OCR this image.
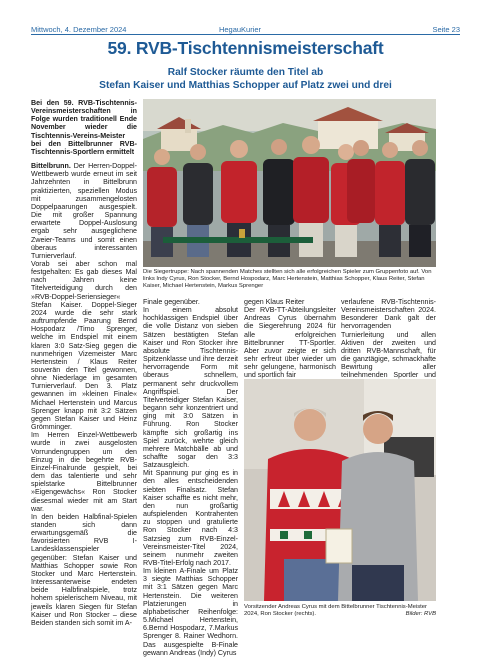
Mittwoch, 4. Dezember 2024	HegauKurier	Seite 23
59. RVB-Tischtennismeisterschaft
Ralf Stocker räumte den Titel ab
Stefan Kaiser und Matthias Schopper auf Platz zwei und drei

Bei den 59. RVB-Tischtennis-Vereinsmeisterschaften in Folge wurden traditionell Ende November wieder die Tischtennis-Vereins-Meister bei den Bittelbrunner RVB-Tischtennis-Sportlern ermittelt

Bittelbrunn. Der Herren-Doppel-Wettbewerb wurde erneut im seit Jahrzehnten in Bittelbrunn praktizierten, speziellen Modus mit zusammengelosten Doppelpaarungen ausgespielt. Die mit großer Spannung erwartete Doppel-Auslosung ergab sehr ausgeglichene Zweier-Teams und somit einen überaus interessanten Turnierverlauf.

Vorab sei aber schon mal festgehalten: Es gab dieses Mal nach Jahren keine Titelverteidigung durch den »RVB-Doppel-Seriensieger« Stefan Kaiser. Doppel-Sieger 2024 wurde die sehr stark auftrumpfende Paarung Bernd Hospodarz /Timo Sprenger, welche im Endspiel mit einem klaren 3:0 Satz-Sieg gegen die nunmehrigen Vizemeister Marc Hertenstein / Klaus Reiter souverän den Titel gewonnen, ohne Niederlage im gesamten Turnierverlauf. Den 3. Platz gewannen im »kleinen Finale« Michael Hertenstein und Marcus Sprenger knapp mit 3:2 Sätzen gegen Stefan Kaiser und Heinz Grömminger.

Im Herren Einzel-Wettbewerb wurde in zwei ausgelosten Vorrundengruppen um den Einzug in die begehrte RVB-Einzel-Finalrunde gespielt, bei dem das talentierte und sehr spielstarke Bittelbrunner »Eigengewächs« Ron Stocker diesesmal wieder mit am Start war.

In den beiden Halbfinal-Spielen standen sich dann erwartungsgemäß die favorisierten RVB I-Landesklassenspieler gegenüber: Stefan Kaiser und Matthias Schopper sowie Ron Stocker und Marc Hertenstein. Interessanterweise endeten beide Halbfinalspiele, trotz hohem spielerischem Niveau, mit jeweils klaren Siegen für Stefan Kaiser und Ron Stocker – diese Beiden standen sich somit im A-

Die Siegertruppe: Nach spannenden Matches stellten sich alle erfolgreichen Spieler zum Gruppenfoto auf. Von links Indy Cyrus, Ron Stocker, Bernd Hospodarz, Marc Hertenstein, Matthias Schopper, Klaus Reiter, Stefan Kaiser, Michael Hertenstein, Markus Sprenger

Finale gegenüber.

In einem absolut hochklassigen Endspiel über die volle Distanz von sieben Sätzen bestätigten Stefan Kaiser und Ron Stocker ihre absolute Tischtennis-Spitzenklasse und ihre derzeit hervorragende Form mit überaus schnellem, permanent sehr druckvollem Angriffspiel. Der Titelverteidiger Stefan Kaiser, begann sehr konzentriert und ging mit 3:0 Sätzen in Führung. Ron Stocker kämpfte sich großartig ins Spiel zurück, wehrte gleich mehrere Matchbälle ab und schaffte sogar den 3:3 Satzausgleich.

Mit Spannung pur ging es in den alles entscheidenden siebten Finalsatz. Stefan Kaiser schaffte es nicht mehr, den nun großartig aufspielenden Kontrahenten zu stoppen und gratulierte Ron Stocker nach 4:3 Satzsieg zum RVB-Einzel-Vereinsmeister-Titel 2024, seinem nunmehr zweiten RVB-Titel-Erfolg nach 2017.

Im kleinen A-Finale um Platz 3 siegte Matthias Schopper mit 3:1 Sätzen gegen Marc Hertenstein. Die weiteren Platzierungen in alphabetischer Reihenfolge: 5.Michael Hertenstein, 6.Bernd Hospodarz, 7.Markus Sprenger 8. Rainer Wedhorn. Das ausgespielte B-Finale gewann Andreas (Indy) Cyrus

gegen Klaus Reiter

Der RVB-TT-Abteilungsleiter Andreas Cyrus übernahm die Siegerehrung 2024 für alle erfolgreichen Bittelbrunner TT-Sportler. Aber zuvor zeigte er sich sehr erfreut über wieder um sehr gelungene, harmonisch und sportlich fair

verlaufene RVB-Tischtennis-Vereinsmeisterschaften 2024. Besonderer Dank galt der hervorragenden Turnierleitung und allen Aktiven der zweiten und dritten RVB-Mannschaft, für die ganztägige, schmackhafte Bewirtung aller teilnehmenden Sportler und

Vorsitzender Andreas Cyrus mit dem Bittelbrunner Tischtennis-Meister 2024, Ron Stocker (rechts).	Bilder: RVB
